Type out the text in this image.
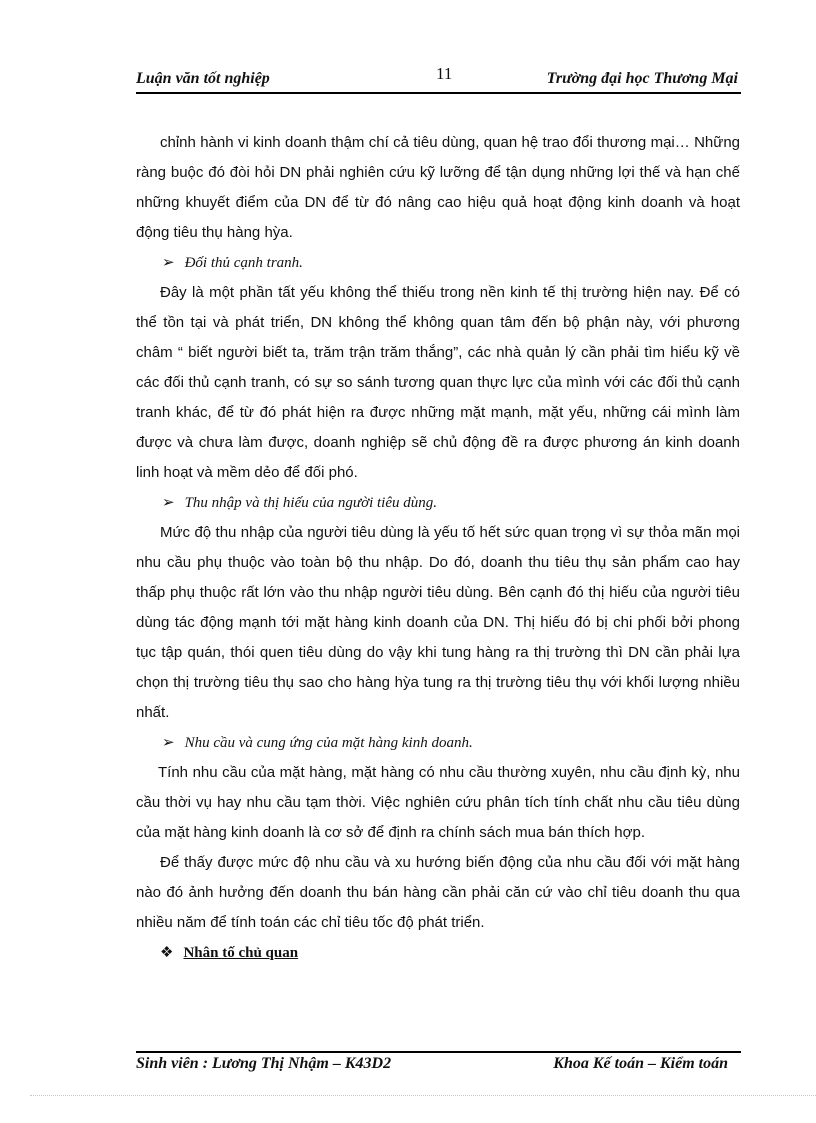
Luận văn tốt nghiệp	11	Trường đại học Thương Mại

chỉnh hành vi kinh doanh thậm chí cả tiêu dùng, quan hệ trao đổi thương mại… Những ràng buộc đó đòi hỏi DN phải nghiên cứu kỹ lưỡng để tận dụng những lợi thế và hạn chế những khuyết điểm của DN để từ đó nâng cao hiệu quả hoạt động kinh doanh và hoạt động tiêu thụ hàng hỳa.

➢ Đối thủ cạnh tranh.

Đây là một phần tất yếu không thể thiếu trong nền kinh tế thị trường hiện nay. Để có thể tồn tại và phát triển, DN không thể không quan tâm đến bộ phận này, với phương châm “ biết người biết ta, trăm trận trăm thắng”, các nhà quản lý cần phải tìm hiểu kỹ về các đối thủ cạnh tranh, có sự so sánh tương quan thực lực của mình với các đối thủ cạnh tranh khác, để từ đó phát hiện ra được những mặt mạnh, mặt yếu, những cái mình làm được và chưa làm được, doanh nghiệp sẽ chủ động đề ra được phương án kinh doanh linh hoạt và mềm dẻo để đối phó.

➢ Thu nhập và thị hiếu của người tiêu dùng.

Mức độ thu nhập của người tiêu dùng là yếu tố hết sức quan trọng vì sự thỏa mãn mọi nhu cầu phụ thuộc vào toàn bộ thu nhập. Do đó, doanh thu tiêu thụ sản phẩm cao hay thấp phụ thuộc rất lớn vào thu nhập người tiêu dùng. Bên cạnh đó thị hiếu của người tiêu dùng tác động mạnh tới mặt hàng kinh doanh của DN. Thị hiếu đó bị chi phối bởi phong tục tập quán, thói quen tiêu dùng do vậy khi tung hàng ra thị trường thì DN cần phải lựa chọn thị trường tiêu thụ sao cho hàng hỳa tung ra thị trường tiêu thụ với khối lượng nhiều nhất.

➢ Nhu cầu và cung ứng của mặt hàng kinh doanh.

Tính nhu cầu của mặt hàng, mặt hàng có nhu cầu thường xuyên, nhu cầu định kỳ, nhu cầu thời vụ hay nhu cầu tạm thời. Việc nghiên cứu phân tích tính chất nhu cầu tiêu dùng của mặt hàng kinh doanh là cơ sở để định ra chính sách mua bán thích hợp.

Để thấy được mức độ nhu cầu và xu hướng biến động của nhu cầu đối với mặt hàng nào đó ảnh hưởng đến doanh thu bán hàng cần phải căn cứ vào chỉ tiêu doanh thu qua nhiều năm để tính toán các chỉ tiêu tốc độ phát triển.

❖ Nhân tố chủ quan

Sinh viên : Lương Thị Nhậm – K43D2	Khoa Kế toán – Kiểm toán
